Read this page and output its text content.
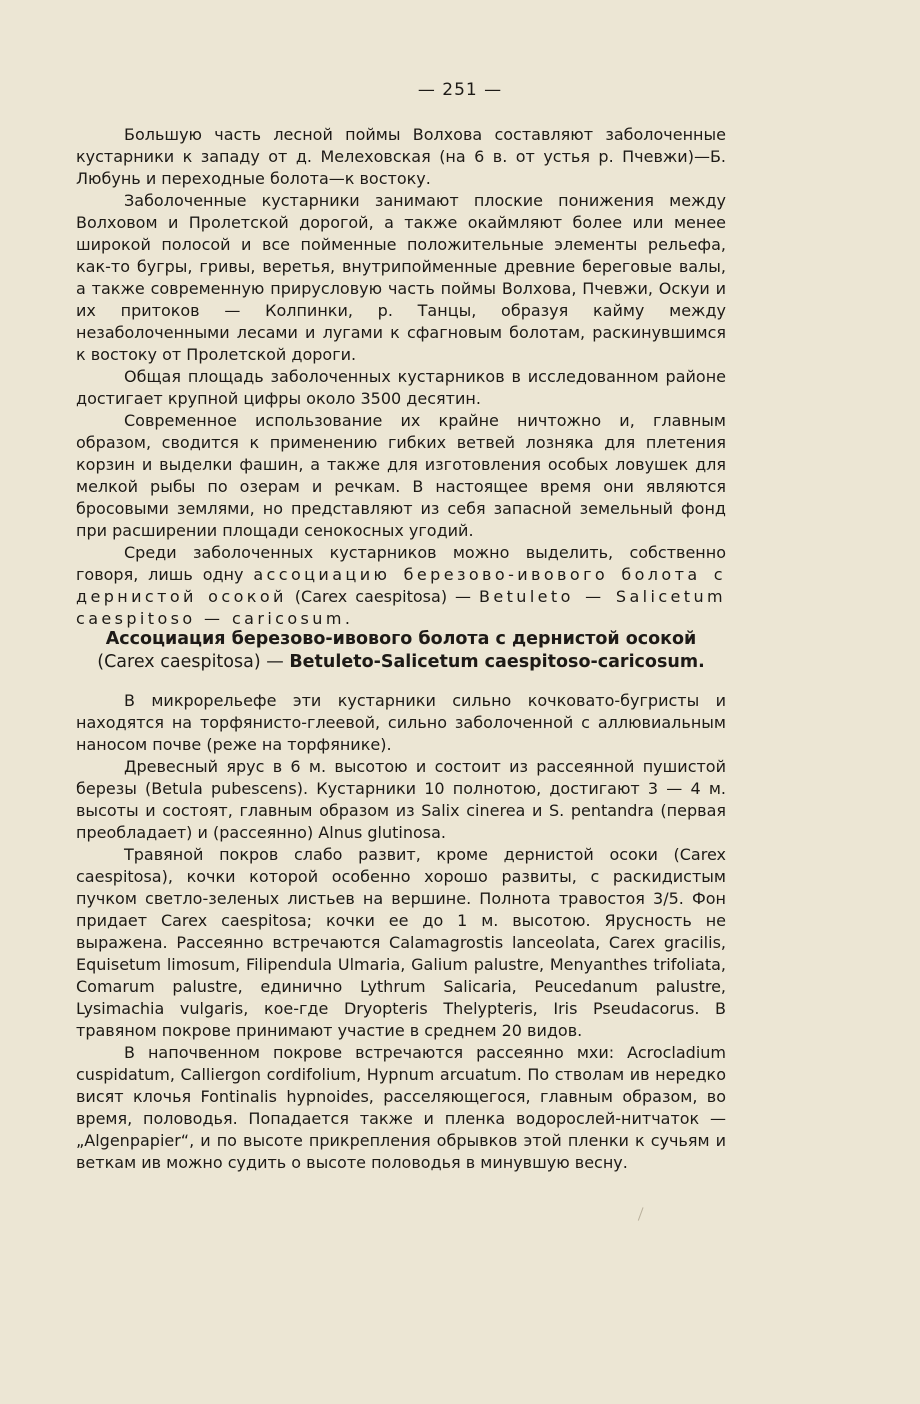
— 251 —

Большую часть лесной поймы Волхова составляют заболоченные кустарники к западу от д. Мелеховская (на 6 в. от устья р. Пчевжи)—Б. Любунь и переходные болота—к востоку.

Заболоченные кустарники занимают плоские понижения между Волховом и Пролетской дорогой, а также окаймляют более или менее широкой полосой и все пойменные положительные элементы рельефа, как-то бугры, гривы, веретья, внутрипойменные древние береговые валы, а также современную прирусловую часть поймы Волхова, Пчевжи, Оскуи и их притоков — Колпинки, р. Танцы, образуя кайму между незаболоченными лесами и лугами к сфагновым болотам, раскинувшимся к востоку от Пролетской дороги.

Общая площадь заболоченных кустарников в исследованном районе достигает крупной цифры около 3500 десятин.

Современное использование их крайне ничтожно и, главным образом, сводится к применению гибких ветвей лозняка для плетения корзин и выделки фашин, а также для изготовления особых ловушек для мелкой рыбы по озерам и речкам. В настоящее время они являются бросовыми землями, но представляют из себя запасной земельный фонд при расширении площади сенокосных угодий.

Среди заболоченных кустарников можно выделить, собственно говоря, лишь одну ассоциацию березово-ивового болота с дернистой осокой (Carex caespitosa) — Betuleto — Salicetum caespitoso — caricosum.

Ассоциация березово-ивового болота с дернистой осокой (Carex caespitosa) — Betuleto-Salicetum caespitoso-caricosum.

В микрорельефе эти кустарники сильно кочковато-бугристы и находятся на торфянисто-глеевой, сильно заболоченной с аллювиальным наносом почве (реже на торфянике).

Древесный ярус в 6 м. высотою и состоит из рассеянной пушистой березы (Betula pubescens). Кустарники 10 полнотою, достигают 3 — 4 м. высоты и состоят, главным образом из Salix cinerea и S. pentandra (первая преобладает) и (рассеянно) Alnus glutinosa.

Травяной покров слабо развит, кроме дернистой осоки (Carex caespitosa), кочки которой особенно хорошо развиты, с раскидистым пучком светло-зеленых листьев на вершине. Полнота травостоя 3/5. Фон придает Carex caespitosa; кочки ее до 1 м. высотою. Ярусность не выражена. Рассеянно встречаются Calamagrostis lanceolata, Carex gracilis, Equisetum limosum, Filipendula Ulmaria, Galium palustre, Menyanthes trifoliata, Comarum palustre, единично Lythrum Salicaria, Peucedanum palustre, Lysimachia vulgaris, кое-где Dryopteris Thelypteris, Iris Pseudacorus. В травяном покрове принимают участие в среднем 20 видов.

В напочвенном покрове встречаются рассеянно мхи: Acrocladium cuspidatum, Calliergon cordifolium, Hypnum arcuatum. По стволам ив нередко висят клочья Fontinalis hypnoides, расселяющегося, главным образом, во время, половодья. Попадается также и пленка водорослей-нитчаток — „Algenpapier“, и по высоте прикрепления обрывков этой пленки к сучьям и веткам ив можно судить о высоте половодья в минувшую весну.
